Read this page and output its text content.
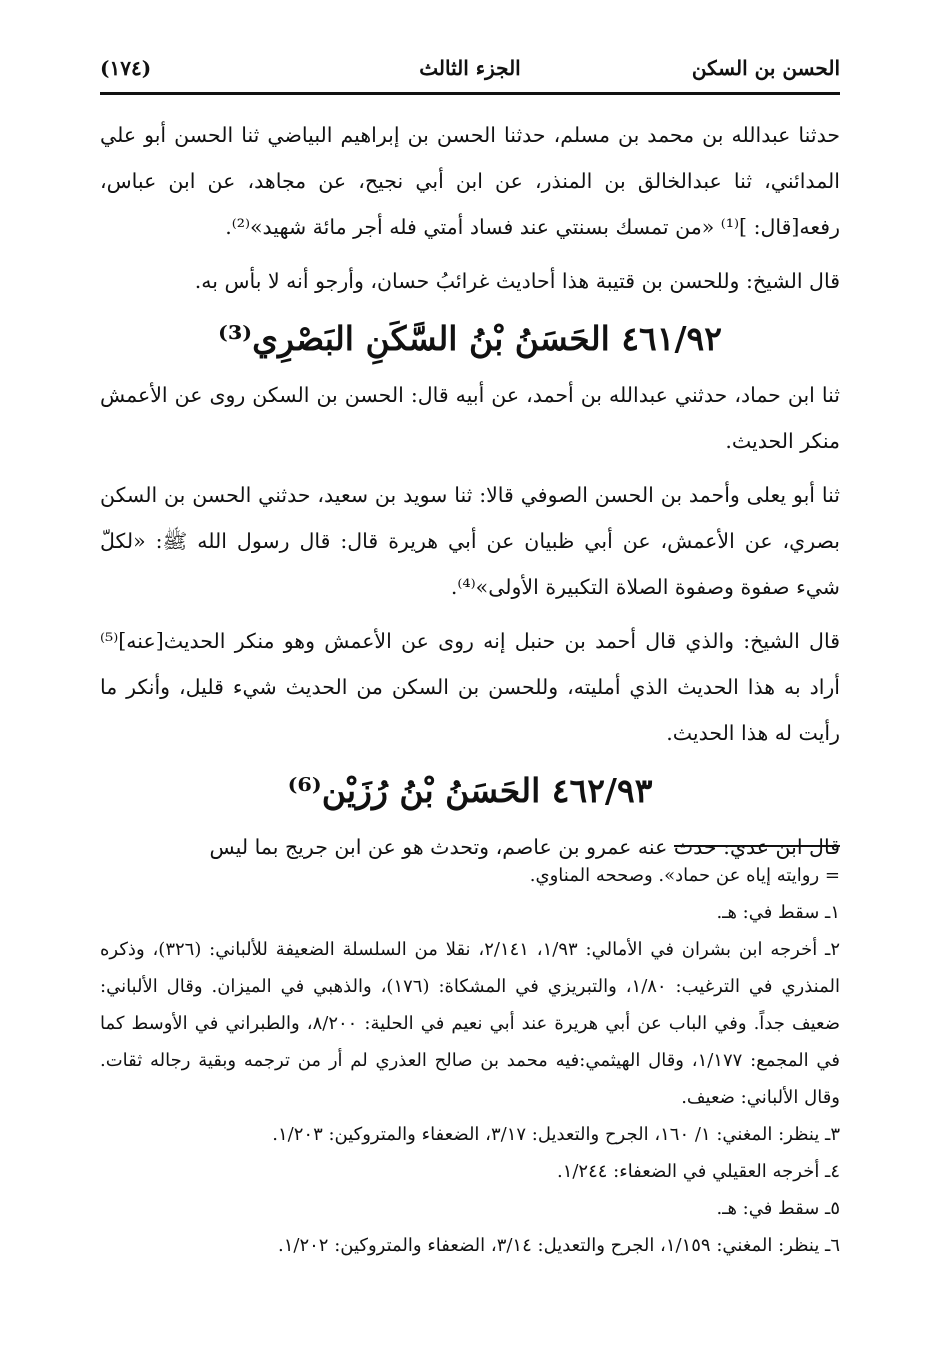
الحسن بن السكن
الجزء الثالث
(١٧٤)

حدثنا عبدالله بن محمد بن مسلم، حدثنا الحسن بن إبراهيم البياضي ثنا الحسن أبو علي المدائني، ثنا عبدالخالق بن المنذر، عن ابن أبي نجيح، عن مجاهد، عن ابن عباس، رفعه[قال: ]⁽¹⁾ «من تمسك بسنتي عند فساد أمتي فله أجر مائة شهيد»⁽²⁾.

قال الشيخ: وللحسن بن قتيبة هذا أحاديث غرائبُ حسان، وأرجو أنه لا بأس به.

٤٦١/٩٢ الحَسَنُ بْنُ السَّكَنِ البَصْرِي⁽³⁾

ثنا ابن حماد، حدثني عبدالله بن أحمد، عن أبيه قال: الحسن بن السكن روى عن الأعمش منكر الحديث.

ثنا أبو يعلى وأحمد بن الحسن الصوفي قالا: ثنا سويد بن سعيد، حدثني الحسن بن السكن بصري، عن الأعمش، عن أبي ظبيان عن أبي هريرة قال: قال رسول الله ﷺ: «لكلّ شيء صفوة وصفوة الصلاة التكبيرة الأولى»⁽⁴⁾.

قال الشيخ: والذي قال أحمد بن حنبل إنه روى عن الأعمش وهو منكر الحديث[عنه]⁽⁵⁾ أراد به هذا الحديث الذي أمليته، وللحسن بن السكن من الحديث شيء قليل، وأنكر ما رأيت له هذا الحديث.

٤٦٢/٩٣ الحَسَنُ بْنُ رُزَيْن⁽⁶⁾

قال ابن عدي: حدث عنه عمرو بن عاصم، وتحدث هو عن ابن جريج بما ليس

= روايته إياه عن حماد». وصححه المناوي.

١ـ سقط في: هـ.

٢ـ أخرجه ابن بشران في الأمالي: ١/٩٣، ٢/١٤١، نقلا من السلسلة الضعيفة للألباني: (٣٢٦)، وذكره المنذري في الترغيب: ١/٨٠، والتبريزي في المشكاة: (١٧٦)، والذهبي في الميزان. وقال الألباني: ضعيف جداً. وفي الباب عن أبي هريرة عند أبي نعيم في الحلية: ٨/٢٠٠، والطبراني في الأوسط كما في المجمع: ١/١٧٧، وقال الهيثمي:فيه محمد بن صالح العذري لم أر من ترجمه وبقية رجاله ثقات. وقال الألباني: ضعيف.

٣ـ ينظر: المغني: ١/ ١٦٠، الجرح والتعديل: ٣/١٧، الضعفاء والمتروكين: ١/٢٠٣.

٤ـ أخرجه العقيلي في الضعفاء: ١/٢٤٤.

٥ـ سقط في: هـ.

٦ـ ينظر: المغني: ١/١٥٩، الجرح والتعديل: ٣/١٤، الضعفاء والمتروكين: ١/٢٠٢.
